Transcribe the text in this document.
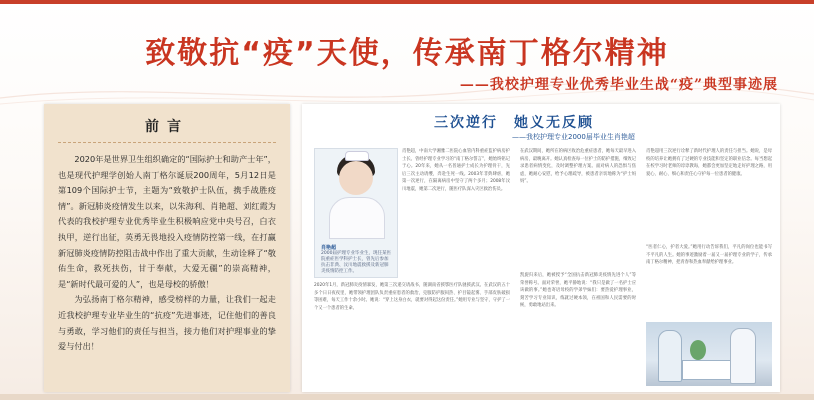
致敬抗“疫”天使，传承南丁格尔精神
——我校护理专业优秀毕业生战“疫”典型事迹展
前言

2020年是世界卫生组织确定的“国际护士和助产士年”，也是现代护理学创始人南丁格尔诞辰200周年，5月12日是第109个国际护士节，主题为“致敬护士队伍，携手战胜疫情”。新冠肺炎疫情发生以来，以朱海利、肖艳超、刘红霞为代表的我校护理专业优秀毕业生积极响应党中央号召，白衣执甲，逆行出征，英勇无畏地投入疫情防控第一线，在打赢新冠肺炎疫情防控阻击战中作出了重大贡献，生动诠释了“敬佑生命，救死扶伤，甘于奉献，大爱无疆”的崇高精神，是“新时代最可爱的人”，也是母校的骄傲！

为弘扬南丁格尔精神，感受榜样的力量，让我们一起走近我校护理专业毕业生的“抗疫”先进事迹，记住他们的善良与勇敢，学习他们的责任与担当，接力他们对护理事业的挚爱与付出！

三次逆行　她义无反顾
——我校护理专业2000届毕业生肖艳超
肖艳超
2000届护理专业毕业生，现任某医院重症医学科护士长，曾先后参加抗击非典、汶川地震救援及新冠肺炎疫情防控工作。
肖艳超，中南大学湘雅二医院心血管内科重症监护病房护士长。曾经护理专业学习的“南丁格尔誓言”，她始终铭记于心。20年来，她从一名普通护士成长为护理骨干，先后三次主动请缨，奔赴生死一线。2003年非典肆虐，她第一次逆行，在隔离病房中坚守了两个多月；2008年汶川地震，她第二次逆行，随医疗队深入灾区救治伤员。
2020年1月，新冠肺炎疫情暴发，她第三次递交请战书，随湖南省援鄂医疗队驰援武汉。在武汉的五十多个日日夜夜里，她带领护理团队负责重症患者的救治，克服防护服闷热、护目镜起雾、手部皮肤破损等困难，每天工作十余小时。她说：“穿上这身白衣，就要对得起这份责任。”她用专业与坚守，守护了一个又一个患者的生命。
在武汉期间，她所在的病区收治危重症患者，她每天最早进入病房，最晚离开。她认真检查每一位护士的防护措施，细致记录患者病情变化，及时调整护理方案。面对病人的恐惧与焦虑，她耐心安慰，给予心理疏导，被患者亲切地称为“护士妈妈”。
凯旋归来后，她被授予“全国抗击新冠肺炎疫情先进个人”等荣誉称号。面对荣誉，她平静地说：“我只是做了一名护士应该做的事。”她也寄语母校的学弟学妹们：要热爱护理事业，刻苦学习专业知识，练就过硬本领，在祖国和人民需要的时候，勇敢地站出来。
肖艳超用三次逆行诠释了新时代护理人的责任与担当。她说，是母校的培养让她拥有了过硬的专业技能和坚定的职业信念。每当想起在校学习时老师的谆谆教诲，她都会更加坚定地走好护理之路，用爱心、耐心、细心和责任心守护每一位患者的健康。
“医者仁心，护者大爱。”她用行动告诉我们，平凡的岗位也能书写不平凡的人生。她的事迹激励着一届又一届护理专业的学子，传承南丁格尔精神，把青春和热血奉献给护理事业。
